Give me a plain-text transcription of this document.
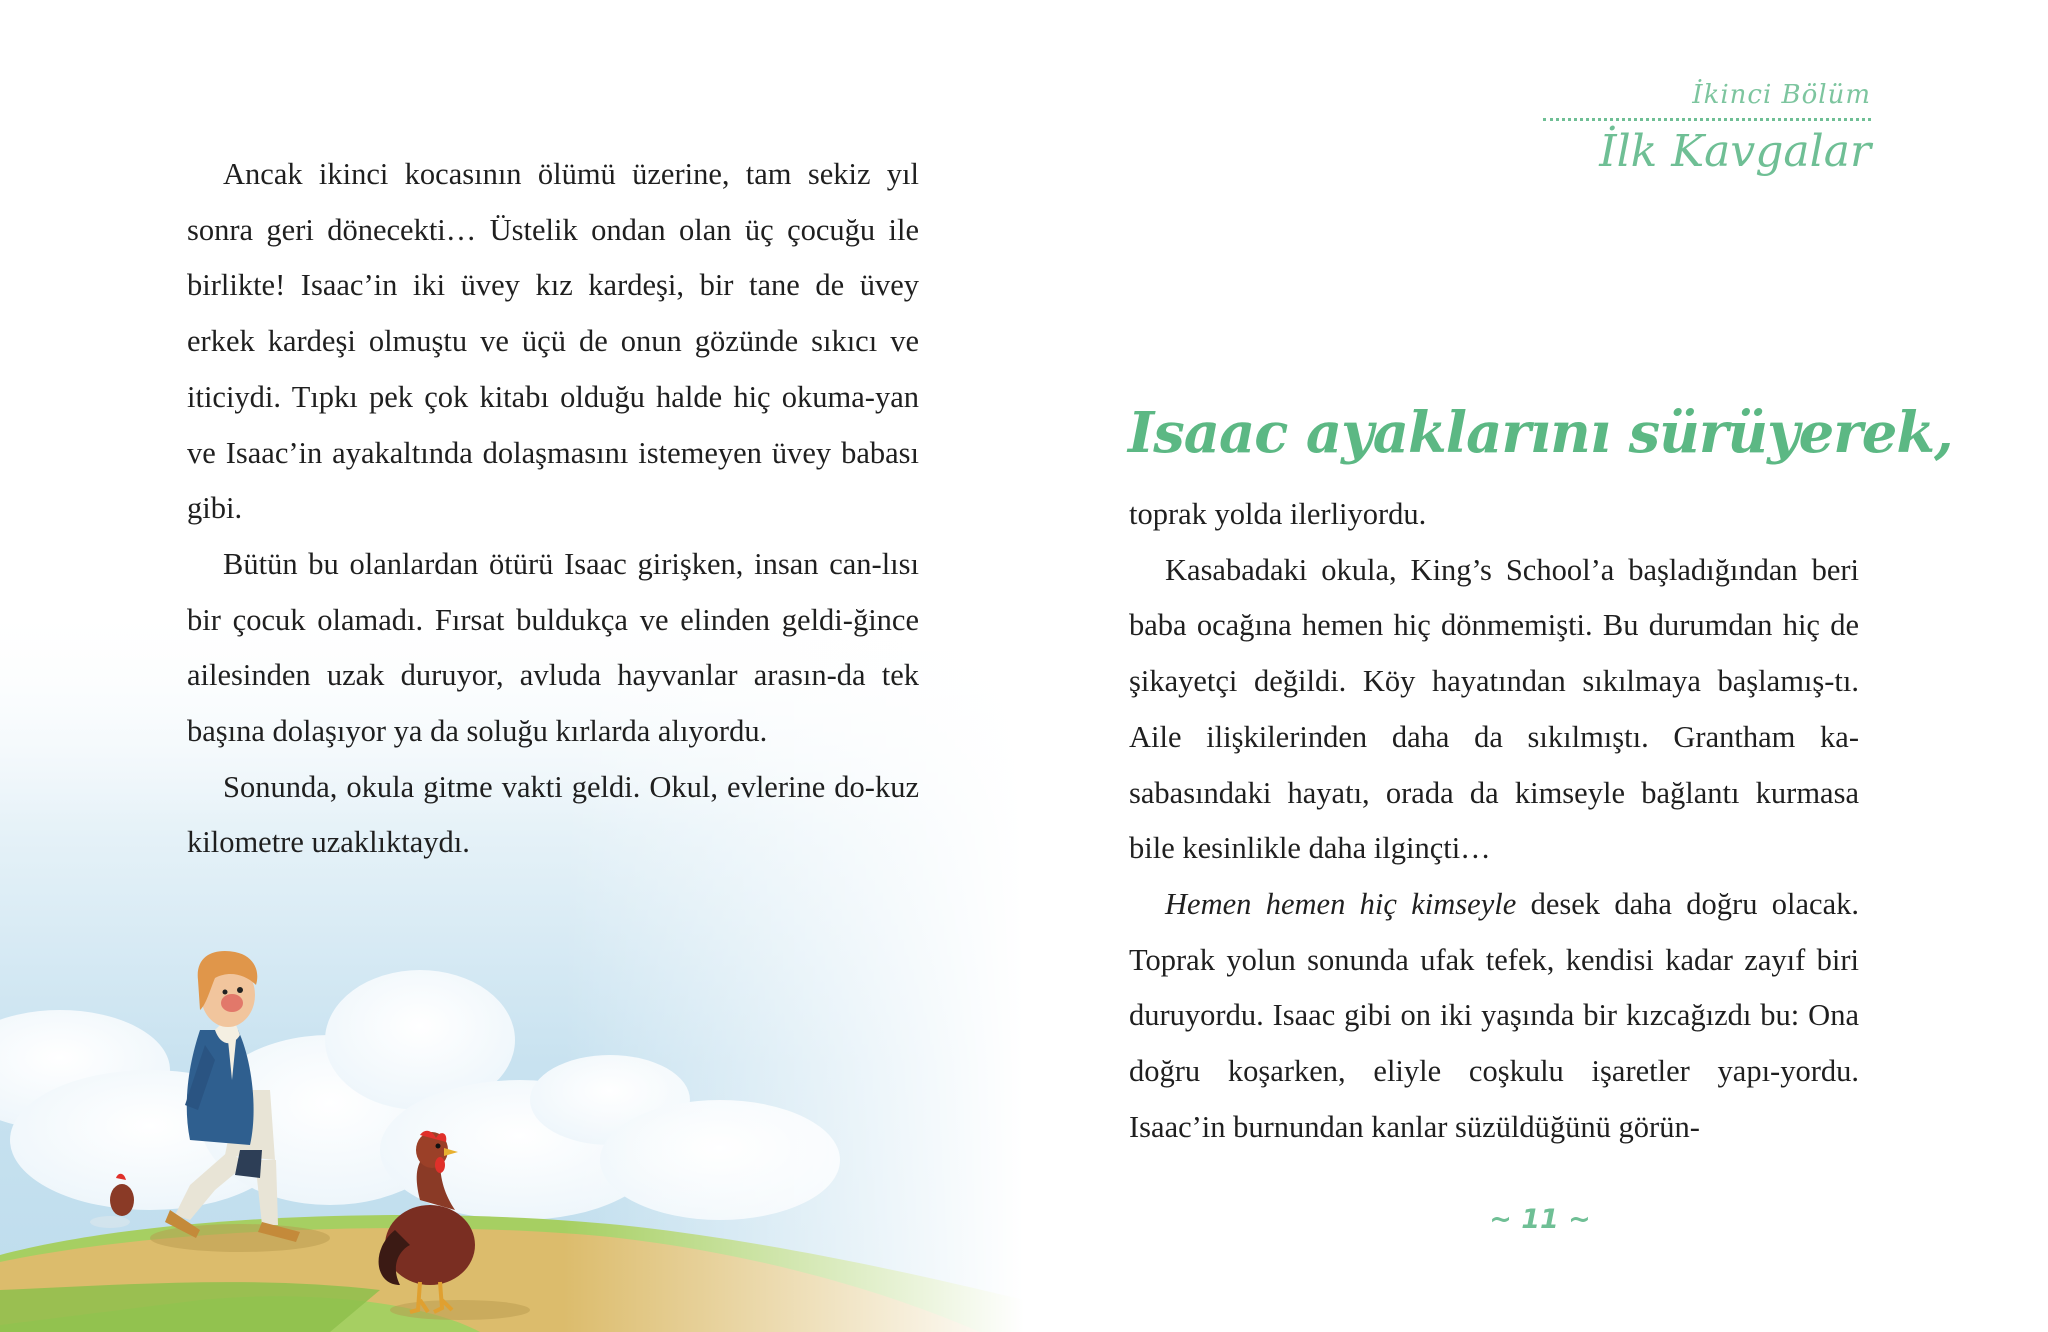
Ancak ikinci kocasının ölümü üzerine, tam sekiz yıl sonra geri dönecekti… Üstelik ondan olan üç çocuğu ile birlikte! Isaac’in iki üvey kız kardeşi, bir tane de üvey erkek kardeşi olmuştu ve üçü de onun gözünde sıkıcı ve iticiydi. Tıpkı pek çok kitabı olduğu halde hiç okuma-yan ve Isaac’in ayakaltında dolaşmasını istemeyen üvey babası gibi.

Bütün bu olanlardan ötürü Isaac girişken, insan can-lısı bir çocuk olamadı. Fırsat buldukça ve elinden geldi-ğince ailesinden uzak duruyor, avluda hayvanlar arasın-da tek başına dolaşıyor ya da soluğu kırlarda alıyordu.

Sonunda, okula gitme vakti geldi. Okul, evlerine do-kuz kilometre uzaklıktaydı.

İkinci Bölüm
İlk Kavgalar
Isaac ayaklarını sürüyerek,

toprak yolda ilerliyordu.

Kasabadaki okula, King’s School’a başladığından beri baba ocağına hemen hiç dönmemişti. Bu durumdan hiç de şikayetçi değildi. Köy hayatından sıkılmaya başlamış-tı. Aile ilişkilerinden daha da sıkılmıştı. Grantham ka-sabasındaki hayatı, orada da kimseyle bağlantı kurmasa bile kesinlikle daha ilginçti…

Hemen hemen hiç kimseyle desek daha doğru olacak. Toprak yolun sonunda ufak tefek, kendisi kadar zayıf biri duruyordu. Isaac gibi on iki yaşında bir kızcağızdı bu: Ona doğru koşarken, eliyle coşkulu işaretler yapı-yordu. Isaac’in burnundan kanlar süzüldüğünü görün-

~ 11 ~
